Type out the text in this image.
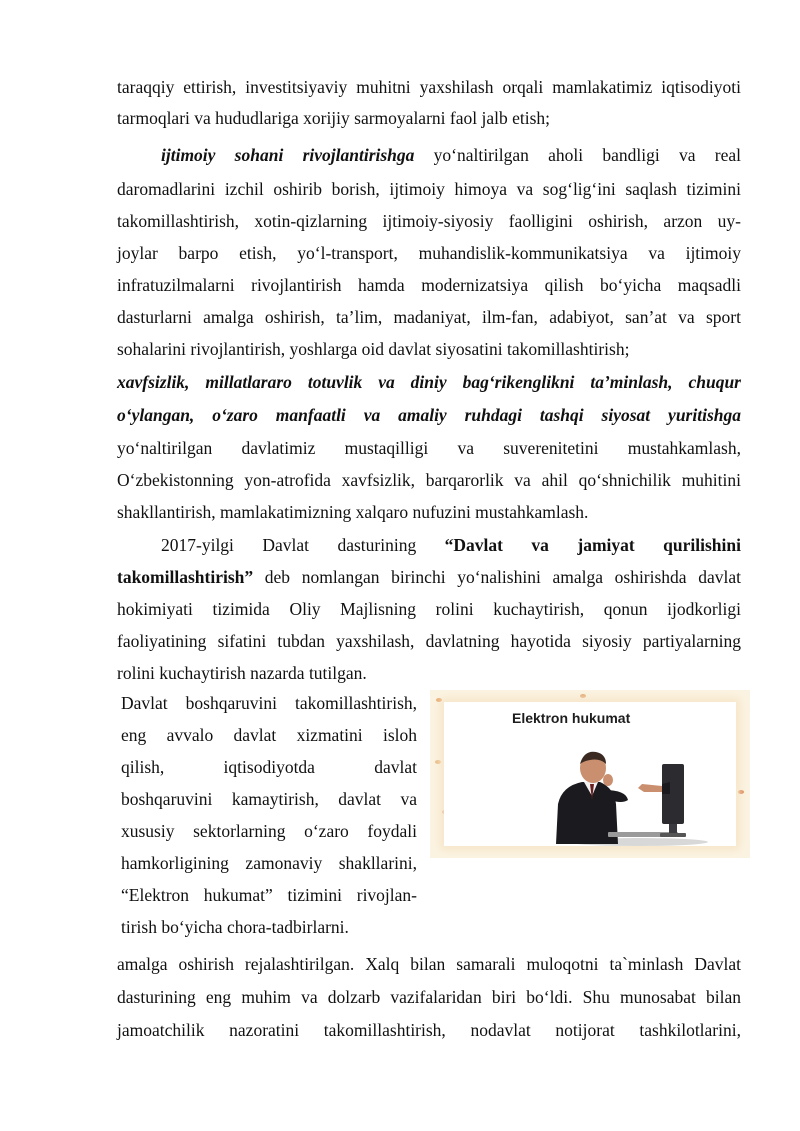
taraqqiy ettirish, investitsiyaviy muhitni yaxshilash orqali mamlakatimiz iqtisodiyoti
tarmoqlari va hududlariga xorijiy sarmoyalarni faol jalb etish;
ijtimoiy sohani rivojlantirishga yo‘naltirilgan aholi bandligi va real
daromadlarini izchil oshirib borish, ijtimoiy himoya va sog‘lig‘ini saqlash tizimini
takomillashtirish, xotin-qizlarning ijtimoiy-siyosiy faolligini oshirish, arzon uy-
joylar barpo etish, yo‘l-transport, muhandislik-kommunikatsiya va ijtimoiy
infratuzilmalarni rivojlantirish hamda modernizatsiya qilish bo‘yicha maqsadli
dasturlarni amalga oshirish, ta’lim, madaniyat, ilm-fan, adabiyot, san’at va sport
sohalarini rivojlantirish, yoshlarga oid davlat siyosatini takomillashtirish;
xavfsizlik, millatlararo totuvlik va diniy bag‘rikenglikni ta’minlash, chuqur
o‘ylangan, o‘zaro manfaatli va amaliy ruhdagi tashqi siyosat yuritishga
yo‘naltirilgan davlatimiz mustaqilligi va suverenitetini mustahkamlash,
O‘zbekistonning yon-atrofida xavfsizlik, barqarorlik va ahil qo‘shnichilik muhitini
shakllantirish, mamlakatimizning xalqaro nufuzini mustahkamlash.
2017-yilgi Davlat dasturining “Davlat va jamiyat qurilishini
takomillashtirish” deb nomlangan birinchi yo‘nalishini amalga oshirishda davlat
hokimiyati tizimida Oliy Majlisning rolini kuchaytirish, qonun ijodkorligi
faoliyatining sifatini tubdan yaxshilash, davlatning hayotida siyosiy partiyalarning
rolini kuchaytirish nazarda tutilgan.
Davlat boshqaruvini takomillashtirish,
eng avvalo davlat xizmatini isloh
qilish, iqtisodiyotda davlat
boshqaruvini kamaytirish, davlat va
xususiy sektorlarning o‘zaro foydali
hamkorligining zamonaviy shakllarini,
“Elektron hukumat” tizimini rivojlan-
tirish bo‘yicha chora-tadbirlarni.
Elektron hukumat
amalga oshirish rejalashtirilgan. Xalq bilan samarali muloqotni ta`minlash Davlat
dasturining eng muhim va dolzarb vazifalaridan biri bo‘ldi. Shu munosabat bilan
jamoatchilik nazoratini takomillashtirish, nodavlat notijorat tashkilotlarini,
